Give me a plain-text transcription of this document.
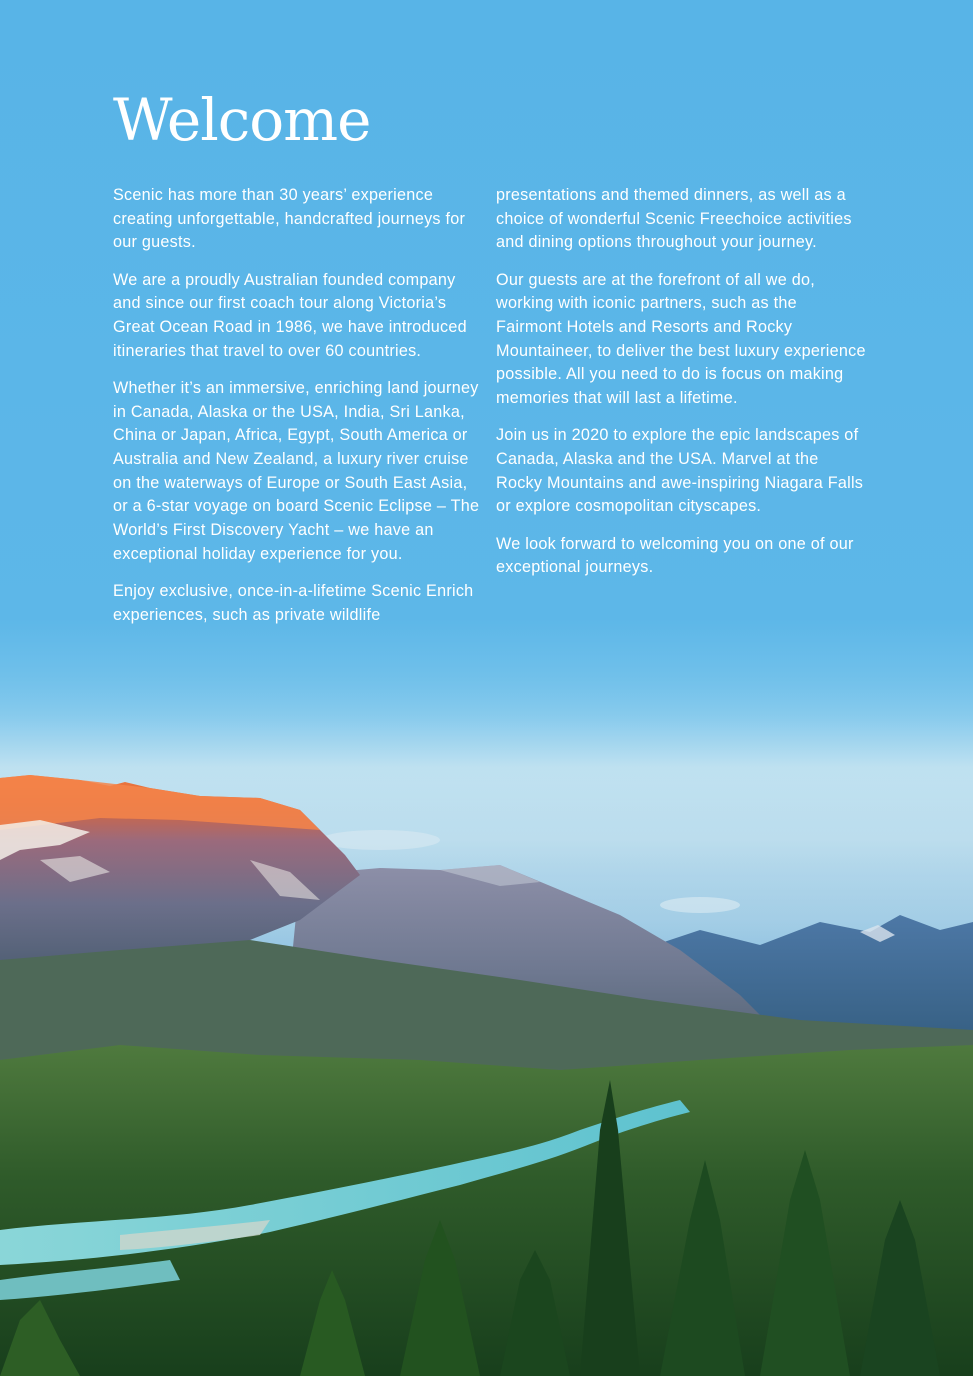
Welcome

Scenic has more than 30 years’ experience creating unforgettable, handcrafted journeys for our guests.

We are a proudly Australian founded company and since our first coach tour along Victoria’s Great Ocean Road in 1986, we have introduced itineraries that travel to over 60 countries.

Whether it’s an immersive, enriching land journey in Canada, Alaska or the USA, India, Sri Lanka, China or Japan, Africa, Egypt, South America or Australia and New Zealand, a luxury river cruise on the waterways of Europe or South East Asia, or a 6-star voyage on board Scenic Eclipse – The World’s First Discovery Yacht – we have an exceptional holiday experience for you.

Enjoy exclusive, once-in-a-lifetime Scenic Enrich experiences, such as private wildlife

presentations and themed dinners, as well as a choice of wonderful Scenic Freechoice activities and dining options throughout your journey.

Our guests are at the forefront of all we do, working with iconic partners, such as the Fairmont Hotels and Resorts and Rocky Mountaineer, to deliver the best luxury experience possible. All you need to do is focus on making memories that will last a lifetime.

Join us in 2020 to explore the epic landscapes of Canada, Alaska and the USA. Marvel at the Rocky Mountains and awe-inspiring Niagara Falls or explore cosmopolitan cityscapes.

We look forward to welcoming you on one of our exceptional journeys.
